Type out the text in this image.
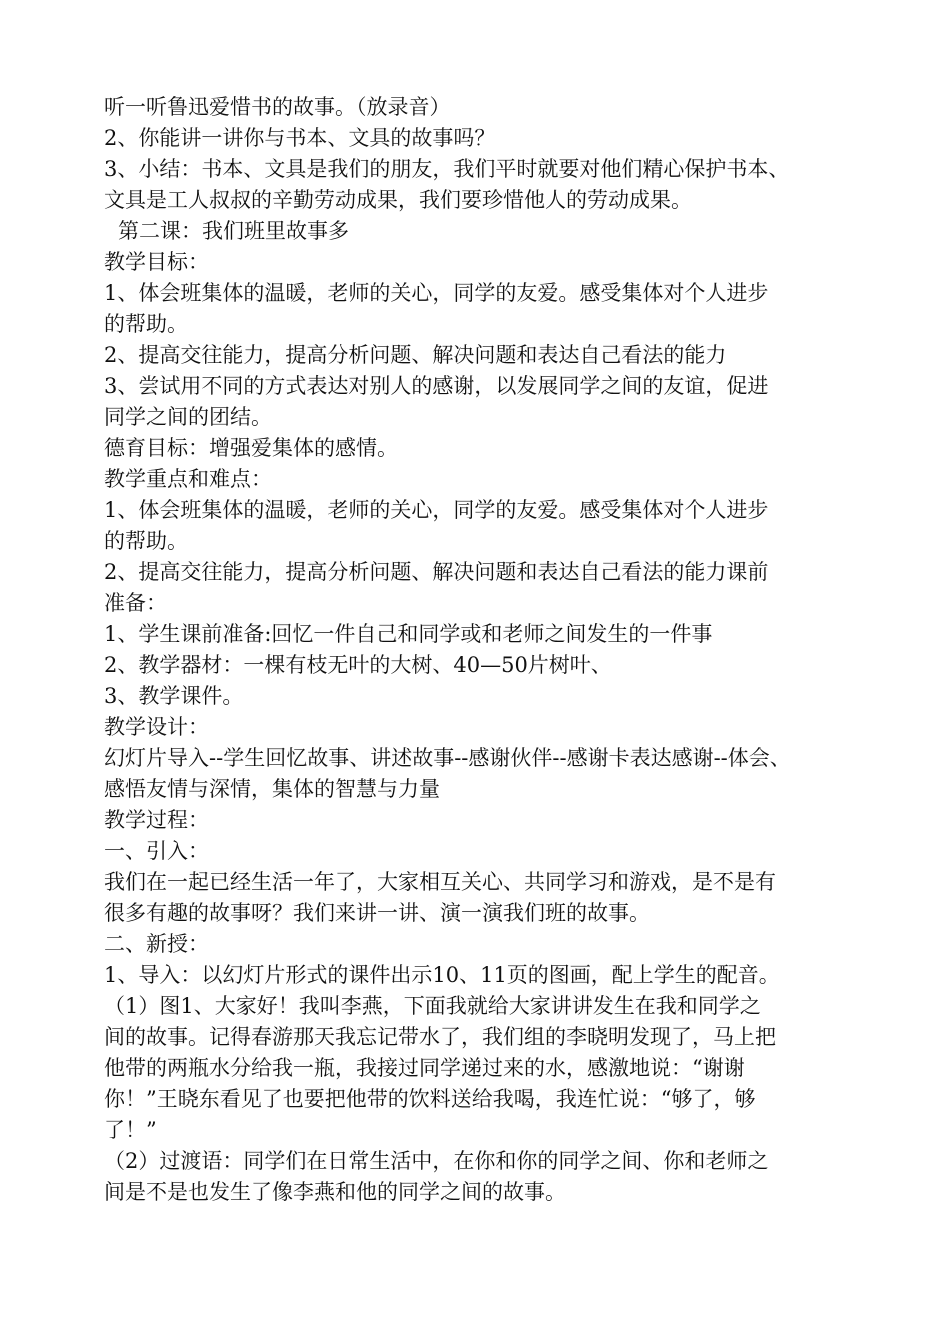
听一听鲁迅爱惜书的故事。（放录音）
2、你能讲一讲你与书本、文具的故事吗？
3、小结：书本、文具是我们的朋友，我们平时就要对他们精心保护书本、
文具是工人叔叔的辛勤劳动成果，我们要珍惜他人的劳动成果。
第二课：我们班里故事多
教学目标：
1、体会班集体的温暖，老师的关心，同学的友爱。感受集体对个人进步
的帮助。
2、提高交往能力，提高分析问题、解决问题和表达自己看法的能力
3、尝试用不同的方式表达对别人的感谢，以发展同学之间的友谊，促进
同学之间的团结。
德育目标：增强爱集体的感情。
教学重点和难点：
1、体会班集体的温暖，老师的关心，同学的友爱。感受集体对个人进步
的帮助。
2、提高交往能力，提高分析问题、解决问题和表达自己看法的能力课前
准备：
1、学生课前准备:回忆一件自己和同学或和老师之间发生的一件事
2、教学器材：一棵有枝无叶的大树、40—50片树叶、
3、教学课件。
教学设计：
幻灯片导入--学生回忆故事、讲述故事--感谢伙伴--感谢卡表达感谢--体会、
感悟友情与深情，集体的智慧与力量
教学过程：
一、引入：
我们在一起已经生活一年了，大家相互关心、共同学习和游戏，是不是有
很多有趣的故事呀？我们来讲一讲、演一演我们班的故事。
二、新授：
1、导入：以幻灯片形式的课件出示10、11页的图画，配上学生的配音。
（1）图1、大家好！我叫李燕，下面我就给大家讲讲发生在我和同学之
间的故事。记得春游那天我忘记带水了，我们组的李晓明发现了，马上把
他带的两瓶水分给我一瓶，我接过同学递过来的水，感激地说：“谢谢
你！”王晓东看见了也要把他带的饮料送给我喝，我连忙说：“够了，够
了！”
（2）过渡语：同学们在日常生活中，在你和你的同学之间、你和老师之
间是不是也发生了像李燕和他的同学之间的故事。
